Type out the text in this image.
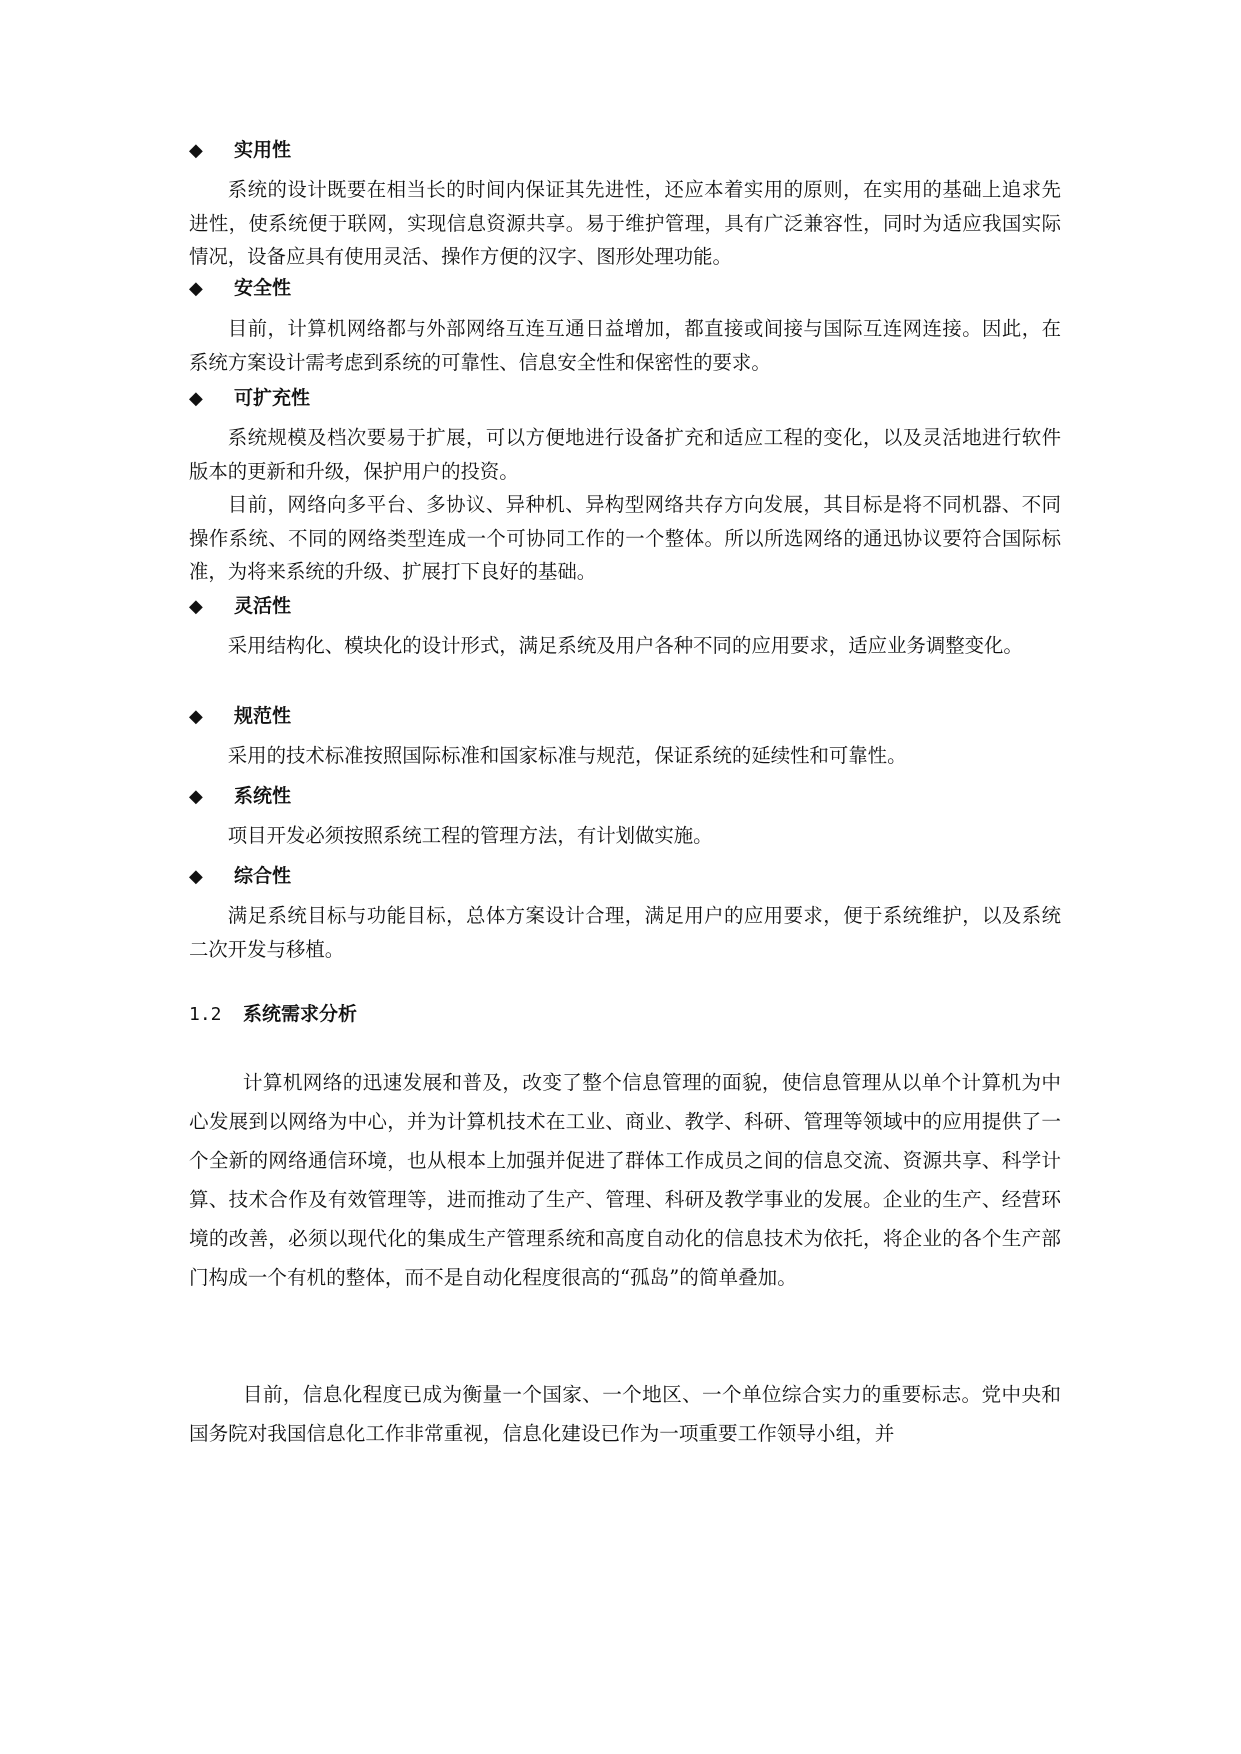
◆ 实用性

系统的设计既要在相当长的时间内保证其先进性，还应本着实用的原则，在实用的基础上追求先进性，使系统便于联网，实现信息资源共享。易于维护管理，具有广泛兼容性，同时为适应我国实际情况，设备应具有使用灵活、操作方便的汉字、图形处理功能。

◆ 安全性

目前，计算机网络都与外部网络互连互通日益增加，都直接或间接与国际互连网连接。因此，在系统方案设计需考虑到系统的可靠性、信息安全性和保密性的要求。

◆ 可扩充性

系统规模及档次要易于扩展，可以方便地进行设备扩充和适应工程的变化，以及灵活地进行软件版本的更新和升级，保护用户的投资。

目前，网络向多平台、多协议、异种机、异构型网络共存方向发展，其目标是将不同机器、不同操作系统、不同的网络类型连成一个可协同工作的一个整体。所以所选网络的通迅协议要符合国际标准，为将来系统的升级、扩展打下良好的基础。

◆ 灵活性

采用结构化、模块化的设计形式，满足系统及用户各种不同的应用要求，适应业务调整变化。

◆ 规范性

采用的技术标准按照国际标准和国家标准与规范，保证系统的延续性和可靠性。

◆ 系统性

项目开发必须按照系统工程的管理方法，有计划做实施。

◆ 综合性

满足系统目标与功能目标，总体方案设计合理，满足用户的应用要求，便于系统维护，以及系统二次开发与移植。

1.2 系统需求分析

计算机网络的迅速发展和普及，改变了整个信息管理的面貌，使信息管理从以单个计算机为中心发展到以网络为中心，并为计算机技术在工业、商业、教学、科研、管理等领域中的应用提供了一个全新的网络通信环境，也从根本上加强并促进了群体工作成员之间的信息交流、资源共享、科学计算、技术合作及有效管理等，进而推动了生产、管理、科研及教学事业的发展。企业的生产、经营环境的改善，必须以现代化的集成生产管理系统和高度自动化的信息技术为依托，将企业的各个生产部门构成一个有机的整体，而不是自动化程度很高的“孤岛”的简单叠加。

目前，信息化程度已成为衡量一个国家、一个地区、一个单位综合实力的重要标志。党中央和国务院对我国信息化工作非常重视，信息化建设已作为一项重要工作领导小组，并
